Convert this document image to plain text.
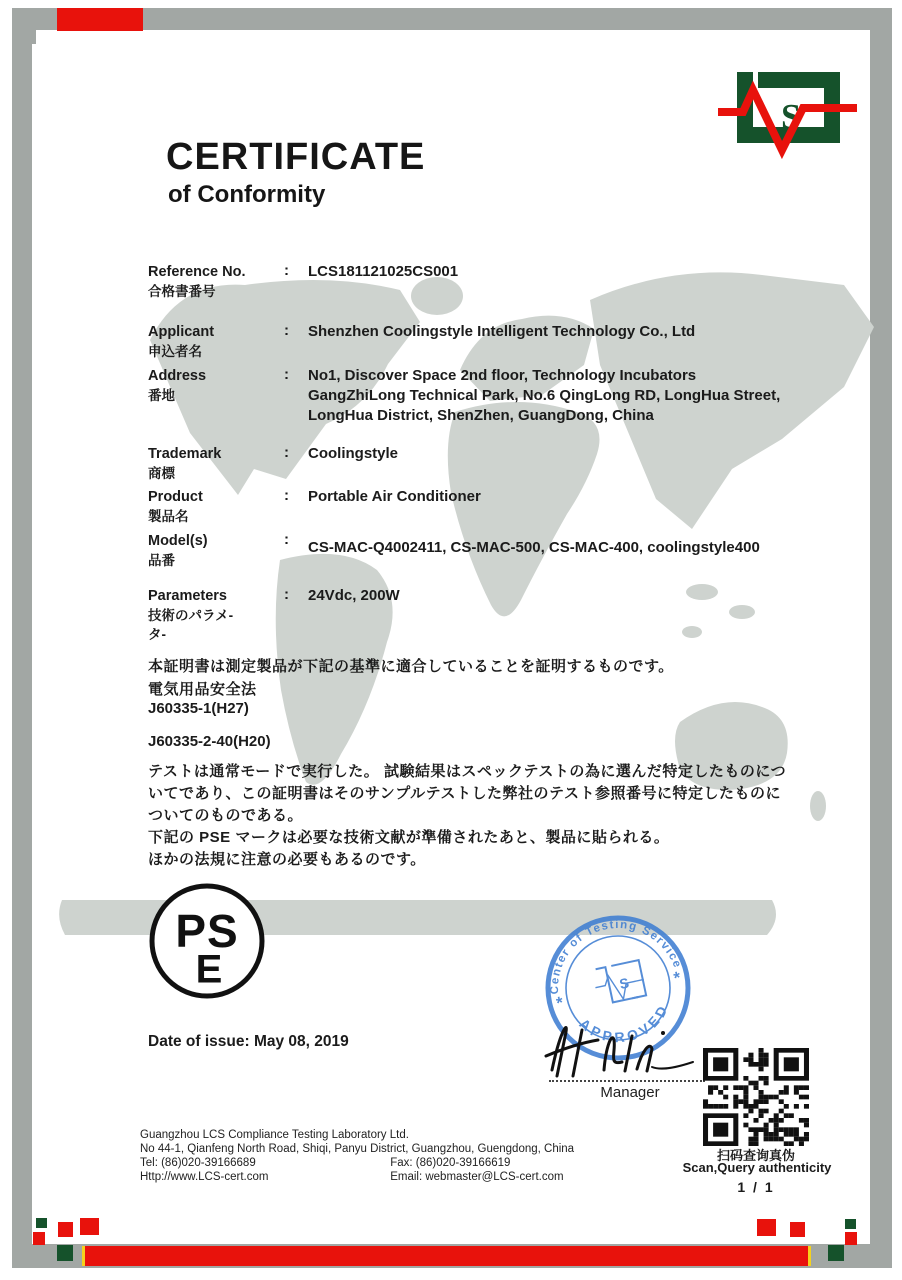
S
CERTIFICATE
of Conformity
Reference No.
合格書番号
:	LCS181121025CS001
Applicant
申込者名
:	Shenzhen Coolingstyle Intelligent Technology Co., Ltd
Address
番地
:	No1, Discover Space 2nd floor, Technology Incubators
GangZhiLong Technical Park, No.6 QingLong RD, LongHua Street,
LongHua District, ShenZhen, GuangDong, China
Trademark
商標
:	Coolingstyle
Product
製品名
:	Portable Air Conditioner
Model(s)
品番
:	CS-MAC-Q4002411, CS-MAC-500, CS-MAC-400, coolingstyle400
Parameters
技術のパラメ-
タ-
:	24Vdc, 200W
本証明書は測定製品が下記の基準に適合していることを証明するものです。
電気用品安全法
J60335-1(H27)
J60335-2-40(H20)
テストは通常モードで実行した。 試験結果はスペックテストの為に選んだ特定したものにつ
いてであり、この証明書はそのサンプルテストした弊社のテスト参照番号に特定したものに
ついてのものである。
下記の PSE マークは必要な技術文献が準備されたあと、製品に貼られる。
ほかの法規に注意の必要もあるのです。
PS
E	Center of Testing Service
APPROVED
*
*
S
Manager
Date of issue: May 08, 2019
Guangzhou LCS Compliance Testing Laboratory Ltd.
No 44-1, Qianfeng North Road, Shiqi, Panyu District, Guangzhou, Guengdong, China
Tel: (86)020-39166689	Fax: (86)020-39166619
Http://www.LCS-cert.com	Email: webmaster@LCS-cert.com
扫码查询真伪
Scan,Query authenticity
1 / 1
